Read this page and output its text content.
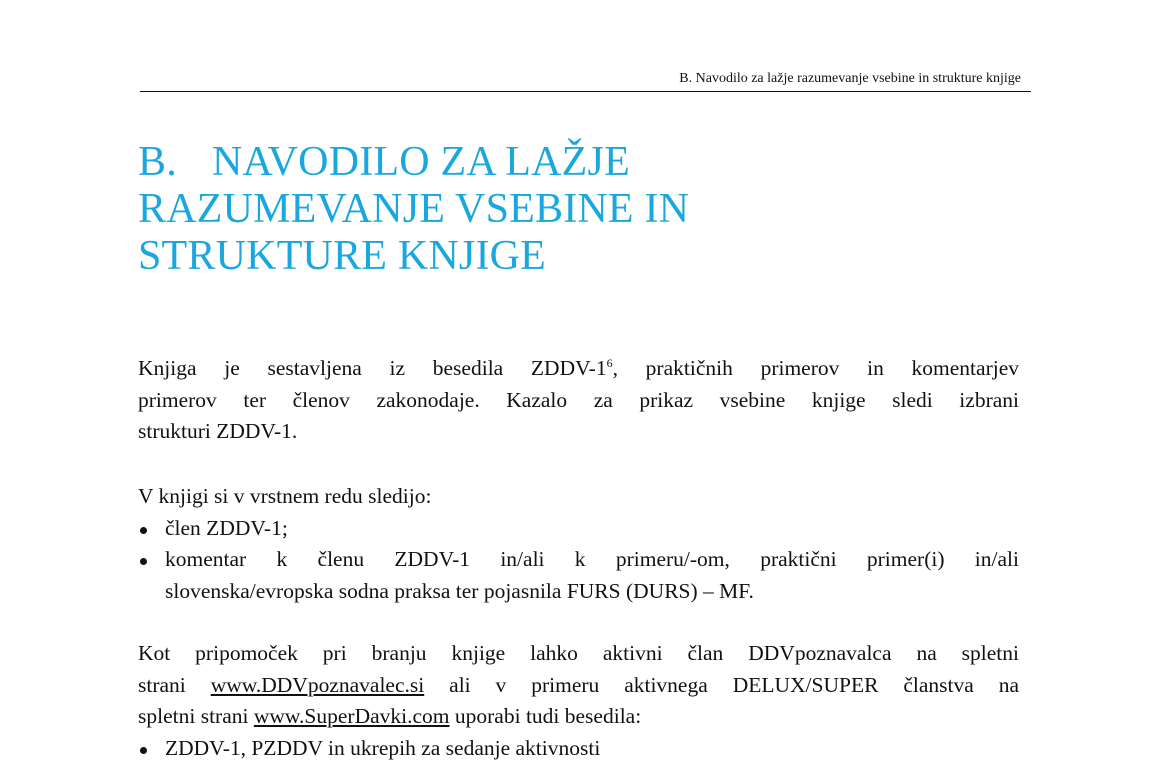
B. Navodilo za lažje razumevanje vsebine in strukture knjige
B. NAVODILO ZA LAŽJE
RAZUMEVANJE VSEBINE IN
STRUKTURE KNJIGE
Knjiga je sestavljena iz besedila ZDDV-$1^6$, praktičnih primerov in komentarjev
primerov ter členov zakonodaje. Kazalo za prikaz vsebine knjige sledi izbrani
strukturi ZDDV-1.
V knjigi si v vrstnem redu sledijo:
člen ZDDV-1;
komentar k členu ZDDV-1 in/ali k primeru/-om, praktični primer(i) in/ali
slovenska/evropska sodna praksa ter pojasnila FURS (DURS) – MF.
Kot pripomoček pri branju knjige lahko aktivni član DDVpoznavalca na spletni
strani www.DDVpoznavalec.si ali v primeru aktivnega DELUX/SUPER članstva na
spletni strani www.SuperDavki.com uporabi tudi besedila:
ZDDV-1, PZDDV in ukrepih za sedanje aktivnosti
